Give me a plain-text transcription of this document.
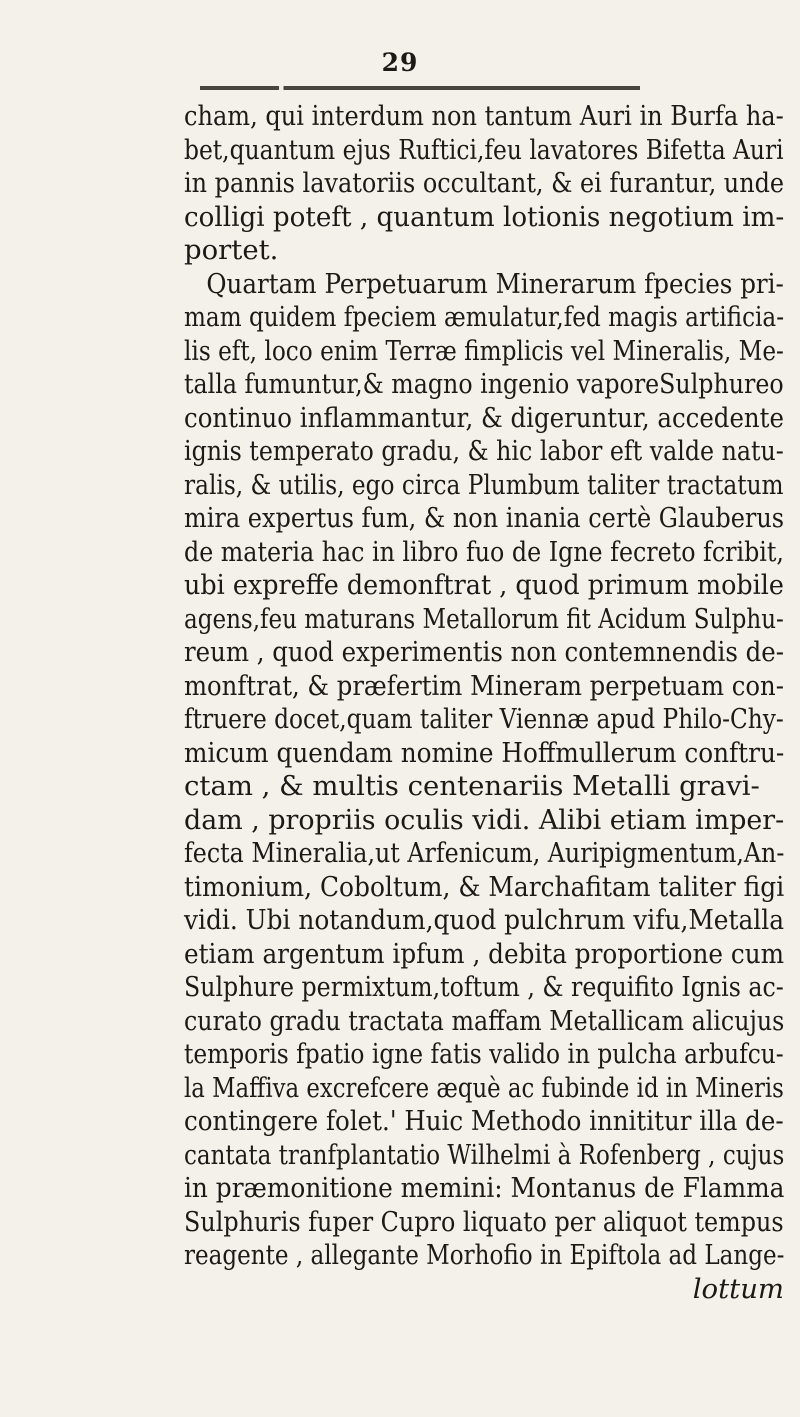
29
cham, qui interdum non tantum Auri in Burfa ha-
bet,quantum ejus Ruftici,feu lavatores Bifetta Auri
in pannis lavatoriis occultant, & ei furantur, unde
colligi poteft , quantum lotionis negotium im-
portet.
Quartam Perpetuarum Minerarum fpecies pri-
mam quidem fpeciem æmulatur,fed magis artificia-
lis eft, loco enim Terræ fimplicis vel Mineralis, Me-
talla fumuntur,& magno ingenio vaporeSulphureo
continuo inflammantur, & digeruntur, accedente
ignis temperato gradu, & hic labor eft valde natu-
ralis, & utilis, ego circa Plumbum taliter tractatum
mira expertus fum, & non inania certè Glauberus
de materia hac in libro fuo de Igne fecreto fcribit,
ubi expreffe demonftrat , quod primum mobile
agens,feu maturans Metallorum fit Acidum Sulphu-
reum , quod experimentis non contemnendis de-
monftrat, & præfertim Mineram perpetuam con-
ftruere docet,quam taliter Viennæ apud Philo-Chy-
micum quendam nomine Hoffmullerum conftru-
ctam , & multis centenariis Metalli gravi-
dam , propriis oculis vidi. Alibi etiam imper-
fecta Mineralia,ut Arfenicum, Auripigmentum,An-
timonium, Coboltum, & Marchafitam taliter figi
vidi. Ubi notandum,quod pulchrum vifu,Metalla
etiam argentum ipfum , debita proportione cum
Sulphure permixtum,toftum , & requifito Ignis ac-
curato gradu tractata maffam Metallicam alicujus
temporis fpatio igne fatis valido in pulcha arbufcu-
la Maffiva excrefcere æquè ac fubinde id in Mineris
contingere folet.' Huic Methodo innititur illa de-
cantata tranfplantatio Wilhelmi à Rofenberg , cujus
in præmonitione memini: Montanus de Flamma
Sulphuris fuper Cupro liquato per aliquot tempus
reagente , allegante Morhofio in Epiftola ad Lange-
lottum
